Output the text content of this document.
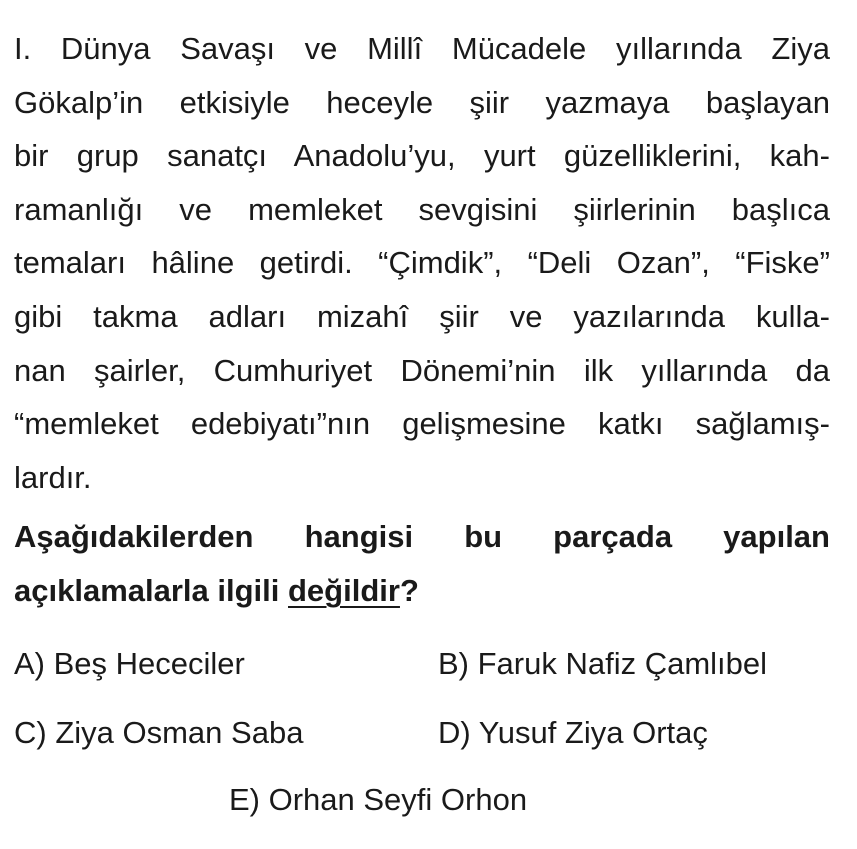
I. Dünya Savaşı ve Millî Mücadele yıllarında Ziya
Gökalp’in etkisiyle heceyle şiir yazmaya başlayan
bir grup sanatçı Anadolu’yu, yurt güzelliklerini, kah-
ramanlığı ve memleket sevgisini şiirlerinin başlıca
temaları hâline getirdi. “Çimdik”, “Deli Ozan”, “Fiske”
gibi takma adları mizahî şiir ve yazılarında kulla-
nan şairler, Cumhuriyet Dönemi’nin ilk yıllarında da
“memleket edebiyatı”nın gelişmesine katkı sağlamış-
lardır.
Aşağıdakilerden hangisi bu parçada yapılan
açıklamalarla ilgili değildir?
A) Beş Hececiler	B) Faruk Nafiz Çamlıbel
C) Ziya Osman Saba	D) Yusuf Ziya Ortaç
E) Orhan Seyfi Orhon
